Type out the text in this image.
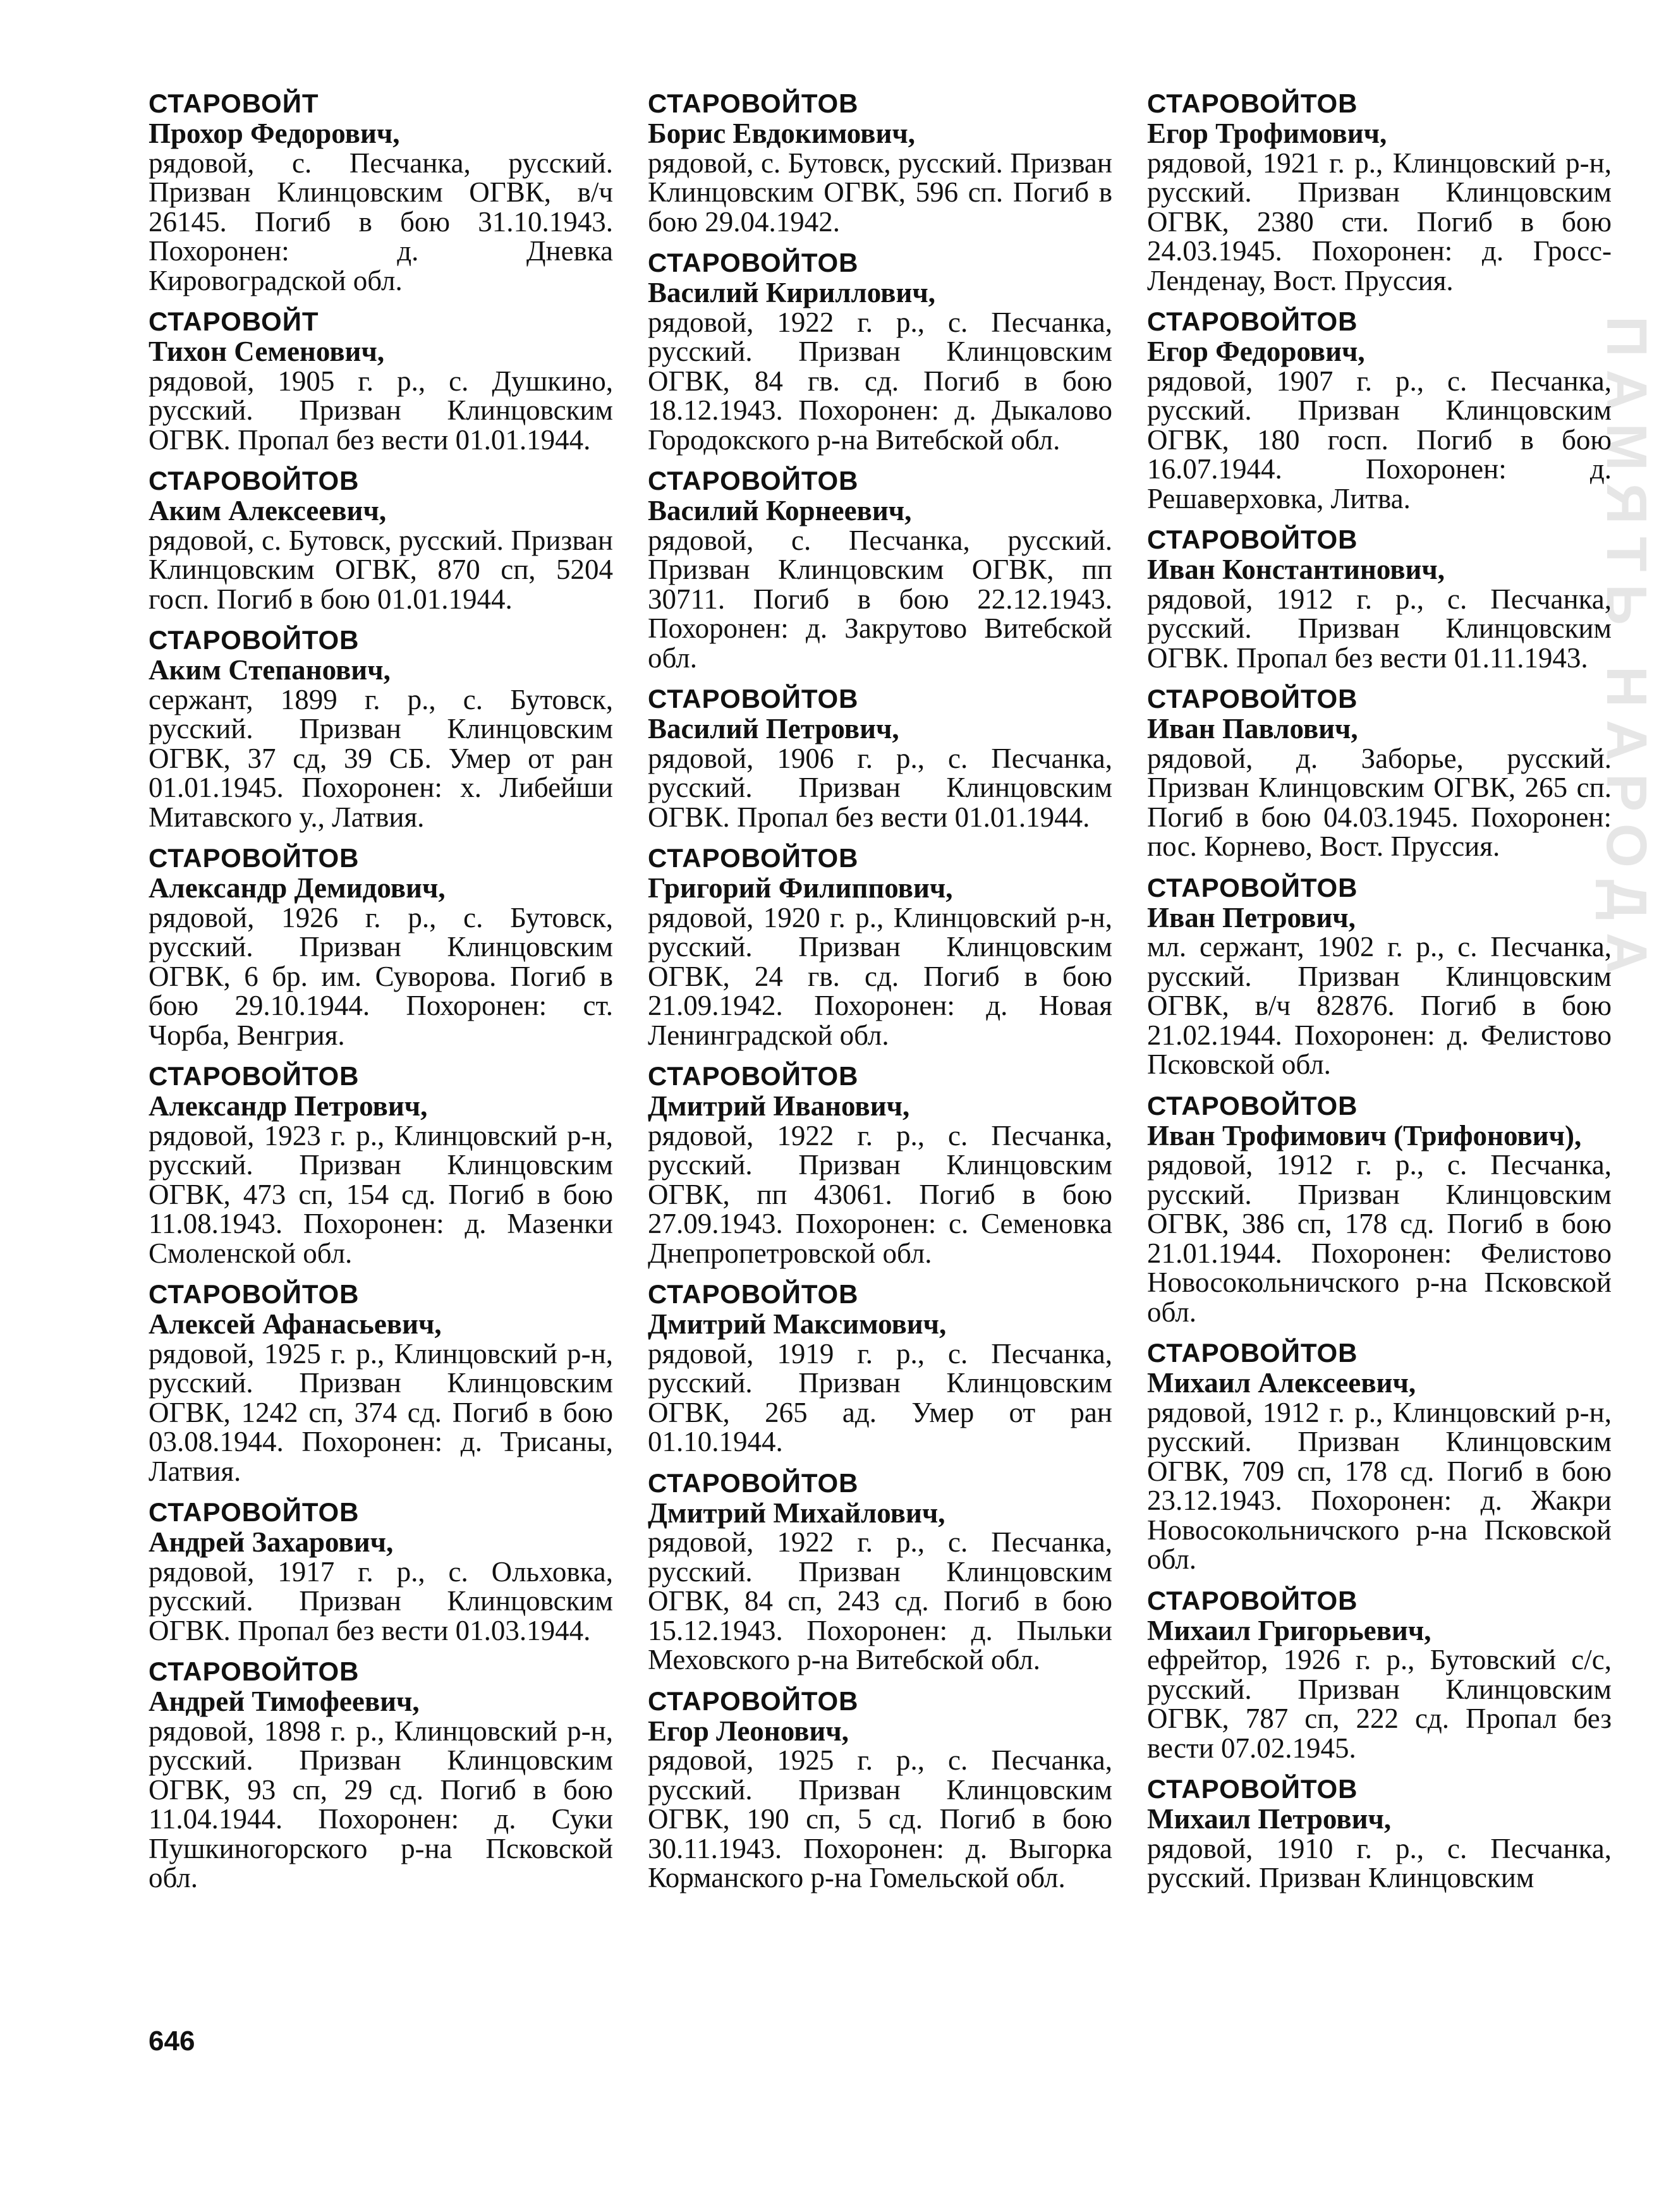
ПАМЯТЬ НАРОДА
СТАРОВОЙТ
Прохор Федорович,
рядовой, с. Песчанка, русский. Призван Клинцовским ОГВК, в/ч 26145. Погиб в бою 31.10.1943. Похоронен: д. Дневка Кировоградской обл.
СТАРОВОЙТ
Тихон Семенович,
рядовой, 1905 г. р., с. Душкино, русский. Призван Клинцовским ОГВК. Пропал без вести 01.01.1944.
СТАРОВОЙТОВ
Аким Алексеевич,
рядовой, с. Бутовск, русский. Призван Клинцовским ОГВК, 870 сп, 5204 госп. Погиб в бою 01.01.1944.
СТАРОВОЙТОВ
Аким Степанович,
сержант, 1899 г. р., с. Бутовск, русский. Призван Клинцовским ОГВК, 37 сд, 39 СБ. Умер от ран 01.01.1945. Похоронен: х. Либейши Митавского у., Латвия.
СТАРОВОЙТОВ
Александр Демидович,
рядовой, 1926 г. р., с. Бутовск, русский. Призван Клинцовским ОГВК, 6 бр. им. Суворова. Погиб в бою 29.10.1944. Похоронен: ст. Чорба, Венгрия.
СТАРОВОЙТОВ
Александр Петрович,
рядовой, 1923 г. р., Клинцовский р-н, русский. Призван Клинцовским ОГВК, 473 сп, 154 сд. Погиб в бою 11.08.1943. Похоронен: д. Мазенки Смоленской обл.
СТАРОВОЙТОВ
Алексей Афанасьевич,
рядовой, 1925 г. р., Клинцовский р-н, русский. Призван Клинцовским ОГВК, 1242 сп, 374 сд. Погиб в бою 03.08.1944. Похоронен: д. Трисаны, Латвия.
СТАРОВОЙТОВ
Андрей Захарович,
рядовой, 1917 г. р., с. Ольховка, русский. Призван Клинцовским ОГВК. Пропал без вести 01.03.1944.
СТАРОВОЙТОВ
Андрей Тимофеевич,
рядовой, 1898 г. р., Клинцовский р-н, русский. Призван Клинцовским ОГВК, 93 сп, 29 сд. Погиб в бою 11.04.1944. Похоронен: д. Суки Пушкиногорского р-на Псковской обл.
СТАРОВОЙТОВ
Борис Евдокимович,
рядовой, с. Бутовск, русский. Призван Клинцовским ОГВК, 596 сп. Погиб в бою 29.04.1942.
СТАРОВОЙТОВ
Василий Кириллович,
рядовой, 1922 г. р., с. Песчанка, русский. Призван Клинцовским ОГВК, 84 гв. сд. Погиб в бою 18.12.1943. Похоронен: д. Дыкалово Городокского р-на Витебской обл.
СТАРОВОЙТОВ
Василий Корнеевич,
рядовой, с. Песчанка, русский. Призван Клинцовским ОГВК, пп 30711. Погиб в бою 22.12.1943. Похоронен: д. Закрутово Витебской обл.
СТАРОВОЙТОВ
Василий Петрович,
рядовой, 1906 г. р., с. Песчанка, русский. Призван Клинцовским ОГВК. Пропал без вести 01.01.1944.
СТАРОВОЙТОВ
Григорий Филиппович,
рядовой, 1920 г. р., Клинцовский р-н, русский. Призван Клинцовским ОГВК, 24 гв. сд. Погиб в бою 21.09.1942. Похоронен: д. Новая Ленинградской обл.
СТАРОВОЙТОВ
Дмитрий Иванович,
рядовой, 1922 г. р., с. Песчанка, русский. Призван Клинцовским ОГВК, пп 43061. Погиб в бою 27.09.1943. Похоронен: с. Семеновка Днепропетровской обл.
СТАРОВОЙТОВ
Дмитрий Максимович,
рядовой, 1919 г. р., с. Песчанка, русский. Призван Клинцовским ОГВК, 265 ад. Умер от ран 01.10.1944.
СТАРОВОЙТОВ
Дмитрий Михайлович,
рядовой, 1922 г. р., с. Песчанка, русский. Призван Клинцовским ОГВК, 84 сп, 243 сд. Погиб в бою 15.12.1943. Похоронен: д. Пыльки Меховского р-на Витебской обл.
СТАРОВОЙТОВ
Егор Леонович,
рядовой, 1925 г. р., с. Песчанка, русский. Призван Клинцовским ОГВК, 190 сп, 5 сд. Погиб в бою 30.11.1943. Похоронен: д. Выгорка Корманского р-на Гомельской обл.
СТАРОВОЙТОВ
Егор Трофимович,
рядовой, 1921 г. р., Клинцовский р-н, русский. Призван Клинцовским ОГВК, 2380 сти. Погиб в бою 24.03.1945. Похоронен: д. Гросс-Ленденау, Вост. Пруссия.
СТАРОВОЙТОВ
Егор Федорович,
рядовой, 1907 г. р., с. Песчанка, русский. Призван Клинцовским ОГВК, 180 госп. Погиб в бою 16.07.1944. Похоронен: д. Решаверховка, Литва.
СТАРОВОЙТОВ
Иван Константинович,
рядовой, 1912 г. р., с. Песчанка, русский. Призван Клинцовским ОГВК. Пропал без вести 01.11.1943.
СТАРОВОЙТОВ
Иван Павлович,
рядовой, д. Заборье, русский. Призван Клинцовским ОГВК, 265 сп. Погиб в бою 04.03.1945. Похоронен: пос. Корнево, Вост. Пруссия.
СТАРОВОЙТОВ
Иван Петрович,
мл. сержант, 1902 г. р., с. Песчанка, русский. Призван Клинцовским ОГВК, в/ч 82876. Погиб в бою 21.02.1944. Похоронен: д. Фелистово Псковской обл.
СТАРОВОЙТОВ
Иван Трофимович (Трифонович),
рядовой, 1912 г. р., с. Песчанка, русский. Призван Клинцовским ОГВК, 386 сп, 178 сд. Погиб в бою 21.01.1944. Похоронен: Фелистово Новосокольничского р-на Псковской обл.
СТАРОВОЙТОВ
Михаил Алексеевич,
рядовой, 1912 г. р., Клинцовский р-н, русский. Призван Клинцовским ОГВК, 709 сп, 178 сд. Погиб в бою 23.12.1943. Похоронен: д. Жакри Новосокольничского р-на Псковской обл.
СТАРОВОЙТОВ
Михаил Григорьевич,
ефрейтор, 1926 г. р., Бутовский с/с, русский. Призван Клинцовским ОГВК, 787 сп, 222 сд. Пропал без вести 07.02.1945.
СТАРОВОЙТОВ
Михаил Петрович,
рядовой, 1910 г. р., с. Песчанка, русский. Призван Клинцовским
646
